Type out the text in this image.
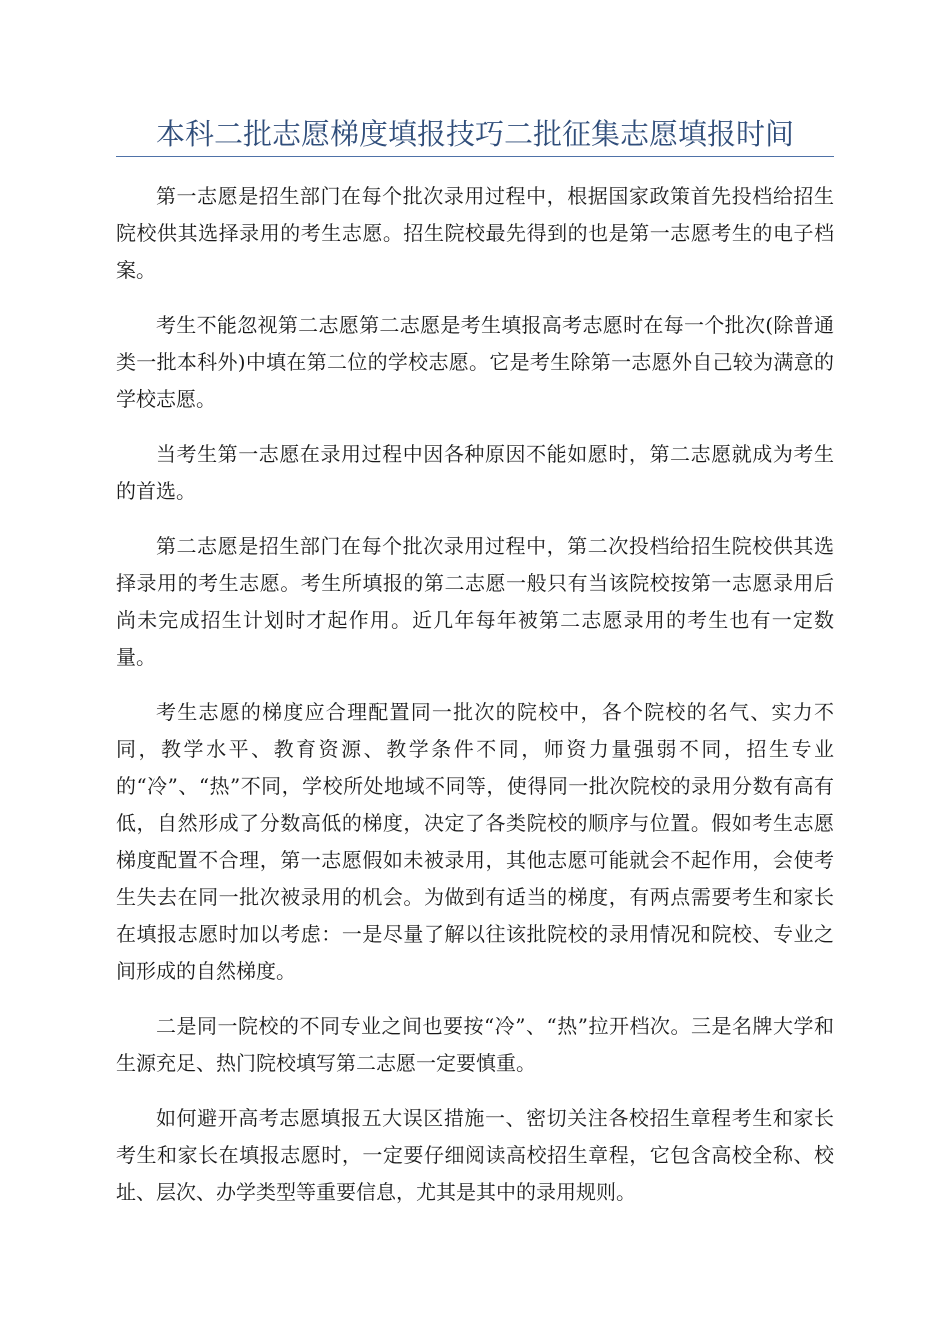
本科二批志愿梯度填报技巧二批征集志愿填报时间

第一志愿是招生部门在每个批次录用过程中，根据国家政策首先投档给招生院校供其选择录用的考生志愿。招生院校最先得到的也是第一志愿考生的电子档案。

考生不能忽视第二志愿第二志愿是考生填报高考志愿时在每一个批次(除普通类一批本科外)中填在第二位的学校志愿。它是考生除第一志愿外自己较为满意的学校志愿。

当考生第一志愿在录用过程中因各种原因不能如愿时，第二志愿就成为考生的首选。

第二志愿是招生部门在每个批次录用过程中，第二次投档给招生院校供其选择录用的考生志愿。考生所填报的第二志愿一般只有当该院校按第一志愿录用后尚未完成招生计划时才起作用。近几年每年被第二志愿录用的考生也有一定数量。

考生志愿的梯度应合理配置同一批次的院校中，各个院校的名气、实力不同，教学水平、教育资源、教学条件不同，师资力量强弱不同，招生专业的“冷”、“热”不同，学校所处地域不同等，使得同一批次院校的录用分数有高有低，自然形成了分数高低的梯度，决定了各类院校的顺序与位置。假如考生志愿梯度配置不合理，第一志愿假如未被录用，其他志愿可能就会不起作用，会使考生失去在同一批次被录用的机会。为做到有适当的梯度，有两点需要考生和家长在填报志愿时加以考虑：一是尽量了解以往该批院校的录用情况和院校、专业之间形成的自然梯度。

二是同一院校的不同专业之间也要按“冷”、“热”拉开档次。三是名牌大学和生源充足、热门院校填写第二志愿一定要慎重。

如何避开高考志愿填报五大误区措施一、密切关注各校招生章程考生和家长考生和家长在填报志愿时，一定要仔细阅读高校招生章程，它包含高校全称、校址、层次、办学类型等重要信息，尤其是其中的录用规则。
